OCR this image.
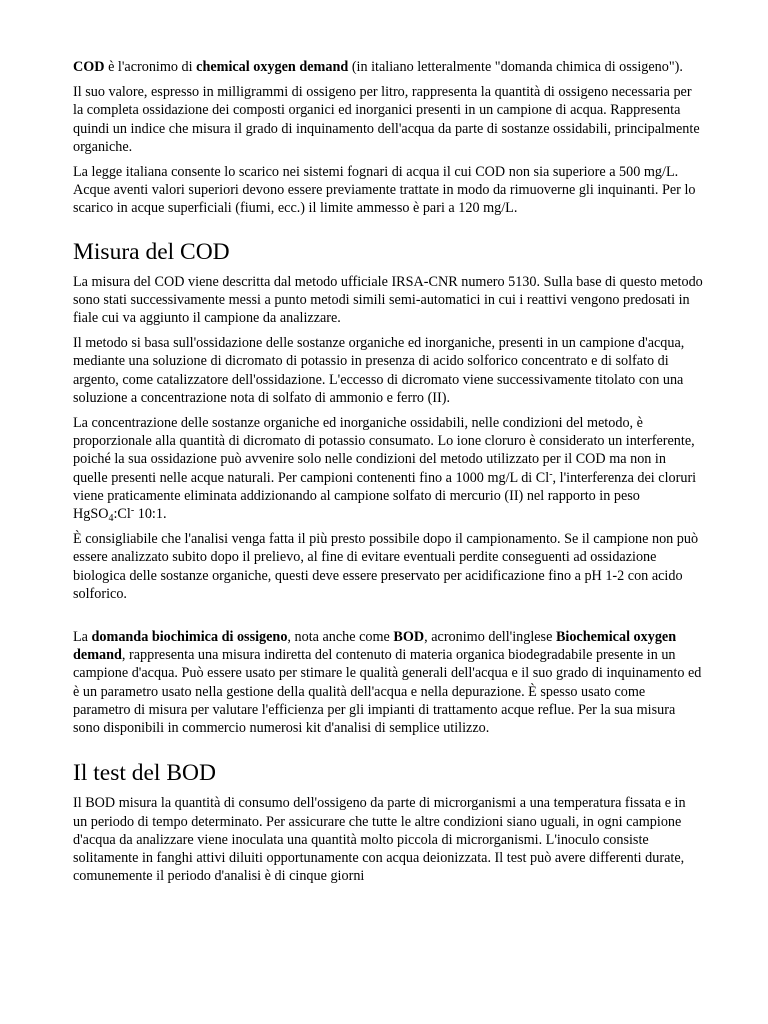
COD è l'acronimo di chemical oxygen demand (in italiano letteralmente "domanda chimica di ossigeno").

Il suo valore, espresso in milligrammi di ossigeno per litro, rappresenta la quantità di ossigeno necessaria per la completa ossidazione dei composti organici ed inorganici presenti in un campione di acqua. Rappresenta quindi un indice che misura il grado di inquinamento dell'acqua da parte di sostanze ossidabili, principalmente organiche.

La legge italiana consente lo scarico nei sistemi fognari di acqua il cui COD non sia superiore a 500 mg/L. Acque aventi valori superiori devono essere previamente trattate in modo da rimuoverne gli inquinanti. Per lo scarico in acque superficiali (fiumi, ecc.) il limite ammesso è pari a 120 mg/L.

Misura del COD

La misura del COD viene descritta dal metodo ufficiale IRSA-CNR numero 5130. Sulla base di questo metodo sono stati successivamente messi a punto metodi simili semi-automatici in cui i reattivi vengono predosati in fiale cui va aggiunto il campione da analizzare.

Il metodo si basa sull'ossidazione delle sostanze organiche ed inorganiche, presenti in un campione d'acqua, mediante una soluzione di dicromato di potassio in presenza di acido solforico concentrato e di solfato di argento, come catalizzatore dell'ossidazione. L'eccesso di dicromato viene successivamente titolato con una soluzione a concentrazione nota di solfato di ammonio e ferro (II).

La concentrazione delle sostanze organiche ed inorganiche ossidabili, nelle condizioni del metodo, è proporzionale alla quantità di dicromato di potassio consumato. Lo ione cloruro è considerato un interferente, poiché la sua ossidazione può avvenire solo nelle condizioni del metodo utilizzato per il COD ma non in quelle presenti nelle acque naturali. Per campioni contenenti fino a 1000 mg/L di Cl-, l'interferenza dei cloruri viene praticamente eliminata addizionando al campione solfato di mercurio (II) nel rapporto in peso HgSO$_4$:Cl- 10:1.

È consigliabile che l'analisi venga fatta il più presto possibile dopo il campionamento. Se il campione non può essere analizzato subito dopo il prelievo, al fine di evitare eventuali perdite conseguenti ad ossidazione biologica delle sostanze organiche, questi deve essere preservato per acidificazione fino a pH 1-2 con acido solforico.

La domanda biochimica di ossigeno, nota anche come BOD, acronimo dell'inglese Biochemical oxygen demand, rappresenta una misura indiretta del contenuto di materia organica biodegradabile presente in un campione d'acqua. Può essere usato per stimare le qualità generali dell'acqua e il suo grado di inquinamento ed è un parametro usato nella gestione della qualità dell'acqua e nella depurazione. È spesso usato come parametro di misura per valutare l'efficienza per gli impianti di trattamento acque reflue. Per la sua misura sono disponibili in commercio numerosi kit d'analisi di semplice utilizzo.

Il test del BOD

Il BOD misura la quantità di consumo dell'ossigeno da parte di microrganismi a una temperatura fissata e in un periodo di tempo determinato. Per assicurare che tutte le altre condizioni siano uguali, in ogni campione d'acqua da analizzare viene inoculata una quantità molto piccola di microrganismi. L'inoculo consiste solitamente in fanghi attivi diluiti opportunamente con acqua deionizzata. Il test può avere differenti durate, comunemente il periodo d'analisi è di cinque giorni
